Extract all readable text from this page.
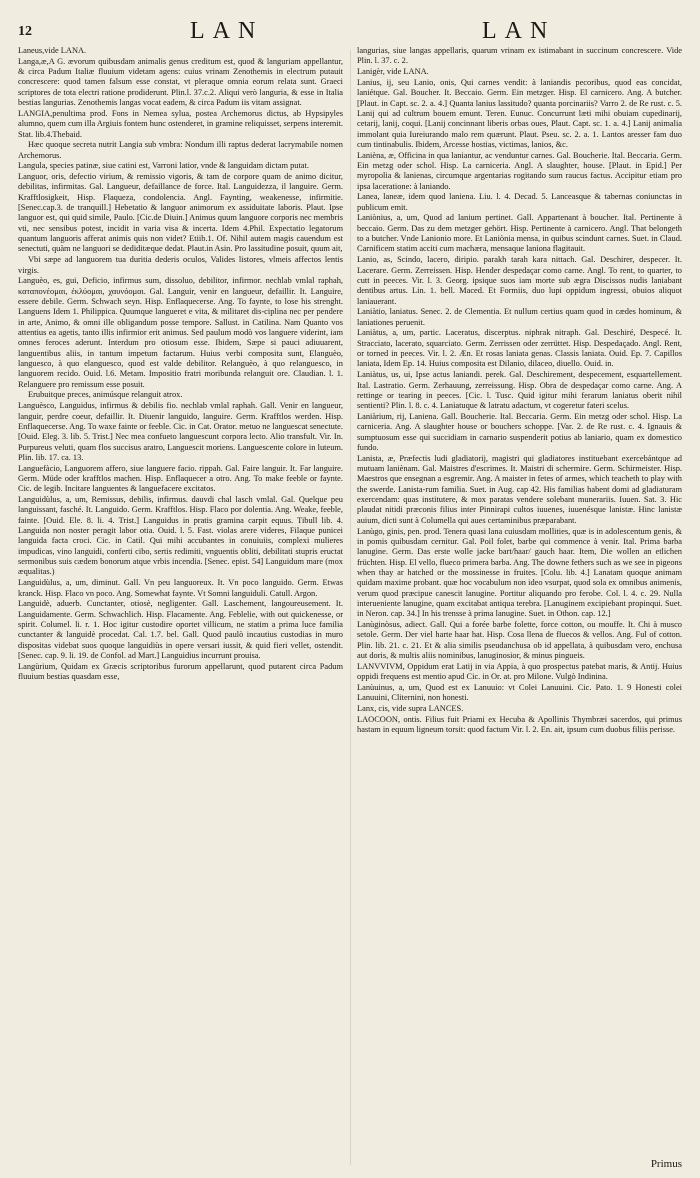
12	LAN	LAN

Laneus,vide LANA.

Langa,æ,A G. ævorum quibusdam animalis genus creditum est, quod & languriam appellantur, & circa Padum Italiæ fluuium videtam agens: cuius vrinam Zenothemis in electrum putauit concrescere: quod tamen falsum esse constat, vt pleraque omnia eorum relata sunt. Graeci scriptores de tota electri ratione prodiderunt. Plin.l. 37.c.2. Aliqui verò languria, & esse in Italia bestias langurias. Zenothemis langas vocat eadem, & circa Padum iis vitam assignat.

LANGIA,penultima prod. Fons in Nemea sylua, postea Archemorus dictus, ab Hypsipyles alumno, quem cum illa Argiuis fontem hunc ostenderet, in gramine reliquisset, serpens interemit. Stat. lib.4.Thebaid.

Hæc quoque secreta nutrit Langia sub vmbra: Nondum illi raptus dederat lacrymabile nomen Archemorus.

Langula, species patinæ, siue catini est, Varroni latior, vnde & languidam dictam putat.

Languor, oris, defectio virium, & remissio vigoris, & tam de corpore quam de animo dicitur, debilitas, infirmitas. Gal. Langueur, defaillance de force. Ital. Languidezza, il languire. Germ. Krafftlosigkeit, Hisp. Flaqueza, condolencia. Angl. Faynting, weakenesse, infirmitie. [Senec.cap.3. de tranquill.] Hebetatio & languor animorum ex assiduitate laboris. Plaut. Ipse languor est, qui quid simile, Paulo. [Cic.de Diuin.] Animus quum languore corporis nec membris vti, nec sensibus potest, incidit in varia visa & incerta. Idem 4.Phil. Expectatio legatorum quantum languoris afferat animis quis non videt? Etiib.1. Of. Nihil autem magis cauendum est senectuti, quàm ne languori se dediditæque dedat. Plaut.in Asin. Pro lassitudine posuit, quum ait,

Vbi sæpe ad languorem tua duritia dederis oculos, Valides listores, vlmeis affectos lentis virgis.

Languèo, es, gui, Deficio, infirmus sum, dissoluo, debilitor, infirmor. nechlab vmlal raphah, καταπονέομαι, ἐκλύομαι, χαυνόομαι. Gal. Languir, venir en langueur, defaillir. It. Languire, essere debile. Germ. Schwach seyn. Hisp. Enflaquecerse. Ang. To faynte, to lose his strenght. Languens Idem 1. Philippica. Quumque langueret e vita, & militaret dis-ciplina nec per pendere in arte, Animo, & omni ille obligandum posse tempore. Sallust. in Catilina. Nam Quanto vos attentius ea agetis, tanto illis infirmior erit animus. Sed paulum modò vos languere viderint, iam omnes feroces aderunt. Interdum pro otiosum esse. Ibidem, Sæpe si pauci adiuuarent, languentibus aliis, in tantum impetum factarum. Huius verbi composita sunt, Elanguèo, languesco, à quo elanguesco, quod est valde debilitor. Relanguèo, à quo relanguesco, in languorem recido. Ouid. l.6. Metam. Impositio fratri moribunda relanguit ore. Claudian. l. 1. Relanguere pro remissum esse posuit.

Erubuitque preces, animúsque relanguit atrox.

Languèsco, Languidus, infirmus & debilis fio. nechlab vmlal raphah. Gall. Venir en langueur, languir, perdre coeur, defaillir. It. Diuenir languido, languire. Germ. Krafftlos werden. Hisp. Enflaquecerse. Ang. To waxe fainte or feeble. Cic. in Cat. Orator. metuo ne languescat senectute. [Ouid. Eleg. 3. lib. 5. Trist.] Nec mea confueto languescunt corpora lecto. Alio transfult. Vir. In. Purpureus veluti, quam flos succisus aratro, Languescit moriens. Languescente colore in luteum. Plin. lib. 17. ca. 13.

Languefàcio, Languorem affero, siue languere facio. rippah. Gal. Faire languir. It. Far languire. Germ. Müde oder krafftlos machen. Hisp. Enflaquecer a otro. Ang. To make feeble or faynte. Cic. de legib. Incitare languentes & languefacere excitatos.

Languidùlus, a, um, Remissus, debilis, infirmus. dauvdi chal lasch vmlal. Gal. Quelque peu languissant, fasché. It. Languido. Germ. Krafftlos. Hisp. Flaco por dolentia. Ang. Weake, feeble, fainte. [Ouid. Ele. 8. li. 4. Trist.] Languidus in pratis gramina carpit equus. Tibull lib. 4. Languida non noster peragit labor otia. Ouid. l. 5. Fast. violas arere videres, Filaque punicei languida facta croci. Cic. in Catil. Qui mihi accubantes in conuiuiis, complexi mulieres impudicas, vino languidi, conferti cibo, sertis redimiti, vnguentis obliti, debilitati stupris eructat sermonibus suis cædem bonorum atque vrbis incendia. [Senec. epist. 54] Languidum mare (mox æqualitas.)

Languidùlus, a, um, diminut. Gall. Vn peu languoreux. It. Vn poco languido. Germ. Etwas kranck. Hisp. Flaco vn poco. Ang. Somewhat faynte. Vt Somni languiduli. Catull. Argon.

Languidè, aduerb. Cunctanter, otiosè, negligenter. Gall. Laschement, langoureusement. It. Languidamente. Germ. Schwachlich. Hisp. Flacamente. Ang. Feblelie, with out quickenesse, or spirit. Columel. li. r. 1. Hoc igitur custodire oportet villicum, ne statim a prima luce familia cunctanter & languidè procedat. Cal. 1.7. bel. Gall. Quod paulò incautius custodias in muro dispositas videbat suos quoque languidiùs in opere versari iussit, & quid fieri vellet, ostendit. [Senec. cap. 9. li. 19. de Confol. ad Mart.] Languidius incurrunt prouisa.

Langùrium, Quidam ex Græcis scriptoribus furorum appellarunt, quod putarent circa Padum fluuium bestias quasdam esse,

langurias, siue langas appellaris, quarum vrinam ex istimabant in succinum concrescere. Vide Plin. l. 37. c. 2.

Lanigèr, vide LANA.

Lanius, ij, seu Lanio, onis, Qui carnes vendit: à laniandis pecoribus, quod eas concidat, laniétque. Gal. Boucher. It. Beccaio. Germ. Ein metzger. Hisp. El carnicero. Ang. A butcher. [Plaut. in Capt. sc. 2. a. 4.] Quanta lanius lassitudo? quanta porcinariis? Varro 2. de Re rust. c. 5. Lanij qui ad cultrum bouem emunt. Teren. Eunuc. Concurrunt læti mihi obuiam cupedinarij, cetarij, lanij, coqui. [Lanij concinnant liberis orbas oues, Plaut. Capt. sc. 1. a. 4.] Lanij animalia immolant quia Iureiurando malo rem quærunt. Plaut. Pseu. sc. 2. a. 1. Lantos aresser fam duo cum tintinabulis. Ibidem, Arcesse hostias, victimas, lanios, &c.

Lanièna, æ, Officina in qua laniantur, ac venduntur carnes. Gal. Boucherie. Ital. Beccaria. Germ. Ein metzg oder schol. Hisp. La carniceria. Angl. A slaughter, house. [Plaut. in Epid.] Per myropolia & lanienas, circumque argentarias rogitando sum raucus factus. Accipitur etiam pro ipsa laceratione: à laniando.

Lanea, laneæ, idem quod laniena. Liu. l. 4. Decad. 5. Lanceasque & tabernas coniunctas in publicum emit.

Laniònius, a, um, Quod ad lanium pertinet. Gall. Appartenant à boucher. Ital. Pertinente à beccaio. Germ. Das zu dem metzger gehört. Hisp. Pertinente à carnicero. Angl. That belongeth to a butcher. Vnde Lanionio more. Et Laniònia mensa, in quibus scindunt carnes. Suet. in Claud. Carnificem statim acciti cum machæra, mensaque laniona flagitauit.

Lanio, as, Scindo, lacero, diripio. parakh tarah kara nittach. Gal. Deschirer, despecer. It. Lacerare. Germ. Zerreissen. Hisp. Hender despedaçar como carne. Angl. To rent, to quarter, to cutt in peeces. Vir. l. 3. Georg. ipsique suos iam morte sub ægra Discissos nudis laniabant dentibus artus. Lin. 1. bell. Maced. Et Formiis, duo lupi oppidum ingressi, obuios aliquot laniauerant.

Laniàtio, laniatus. Senec. 2. de Clementia. Et nullum certius quam quod in cædes hominum, & laniationes peruenit.

Laniàtus, a, um, partic. Laceratus, discerptus. niphrak nitraph. Gal. Deschiré, Despecé. It. Stracciato, lacerato, squarciato. Germ. Zerrissen oder zerrüttet. Hisp. Despedaçado. Angl. Rent, or torned in peeces. Vir. l. 2. Æn. Et rosas laniata genas. Classis laniata. Ouid. Ep. 7. Capillos laniata, Idem Ep. 14. Huius composita est Dilanio, dilaceo, diuello. Ouid. in.

Laniàtus, us, ui, Ipse actus laniandi. perek. Gal. Deschirement, despecement, esquartellement. Ital. Lastratio. Germ. Zerhauung, zerreissung. Hisp. Obra de despedaçar como carne. Ang. A rettinge or tearing in peeces. [Cic. l. Tusc. Quid igitur mihi ferarum laniatus oberit nihil sentienti? Plin. l. 8. c. 4. Laniatuque & latratu adactum, vt cogeretur fateri scelus.

Laniàrium, rij, Laniena. Gall. Boucherie. Ital. Beccaria. Germ. Ein metzg oder schol. Hisp. La carniceria. Ang. A slaughter house or bouchers schoppe. [Var. 2. de Re rust. c. 4. Ignauis & sumptuosum esse qui succidiam in carnario suspenderit potius ab laniario, quam ex domestico fundo.

Lanista, æ, Præfectis ludi gladiatorij, magistri qui gladiatores instituebant exercebántque ad mutuam laniènam. Gal. Maistres d'escrimes. It. Maistri di schermire. Germ. Schirmeister. Hisp. Maestros que ensegnan a esgremir. Ang. A maister in fetes of armes, which teacheth to play with the swerde. Lanista-rum familia. Suet. in Aug. cap 42. His familias habent domi ad gladiaturam exercendam: quas institutere, & mox paratas vendere solebant munerariis. Iuuen. Sat. 3. Hic plaudat nitidi præconis filius inter Pinnirapi cultos iuuenes, iuuenésque lanistæ. Hinc lanistæ auium, dicti sunt à Columella qui aues certaminibus præparabant.

Lanùgo, ginis, pen. prod. Tenera quasi lana cuiusdam mollities, quæ is in adolescentum genis, & in pomis quibusdam cernitur. Gal. Poil folet, barbe qui commence à venir. Ital. Prima barba lanugine. Germ. Das erste wolle jacke bart/haar/ gauch haar. Item, Die wollen an etlichen früchten. Hisp. El vello, flueco primera barba. Ang. The downe fethers such as we see in pigeons when thay ar hatched or the mossinesse in fruites. [Colu. lib. 4.] Lanatam quoque animam quidam maxime probant. quæ hoc vocabulum non ideo vsurpat, quod sola ex omnibus animenis, verum quod præcipue canescit lanugine. Portitur aliquando pro ferobe. Col. l. 4. c. 29. Nulla interueniente lanugine, quam excitabat antiqua terebra. [Lanuginem excipiebant propinqui. Suet. in Neron. cap. 34.] In his trensse à prima lanugine. Suet. in Othon. cap. 12.]

Lanùginòsus, adiect. Gall. Qui a forée barbe folette, force cotton, ou mouffe. It. Chi à musco setole. Germ. Der viel harte haar hat. Hisp. Cosa llena de fluecos & vellos. Ang. Ful of cotton. Plin. lib. 21. c. 21. Et & alia similis pseudanchusa ob id appellata, à quibusdam vero, enchusa aut doris, & multis aliis nominibus, lanuginosior, & minus pingueis.

LANVVIVM, Oppidum erat Latij in via Appia, à quo prospectus patebat maris, & Antij. Huius oppidi frequens est mentio apud Cic. in Or. at. pro Milone. Vulgò Indinina.

Lanùuinus, a, um, Quod est ex Lanuuio: vt Colei Lanuuini. Cic. Pato. 1. 9 Honesti colei Lanuuini, Cliternini, non honesti.

Lanx, cis, vide supra LANCES.

LAOCOON, ontis. Filius fuit Priami ex Hecuba & Apollinis Thymbræi sacerdos, qui primus hastam in equum ligneum torsit: quod factum Vir. l. 2. En. ait, ipsum cum duobus filiis perisse.

Primus
